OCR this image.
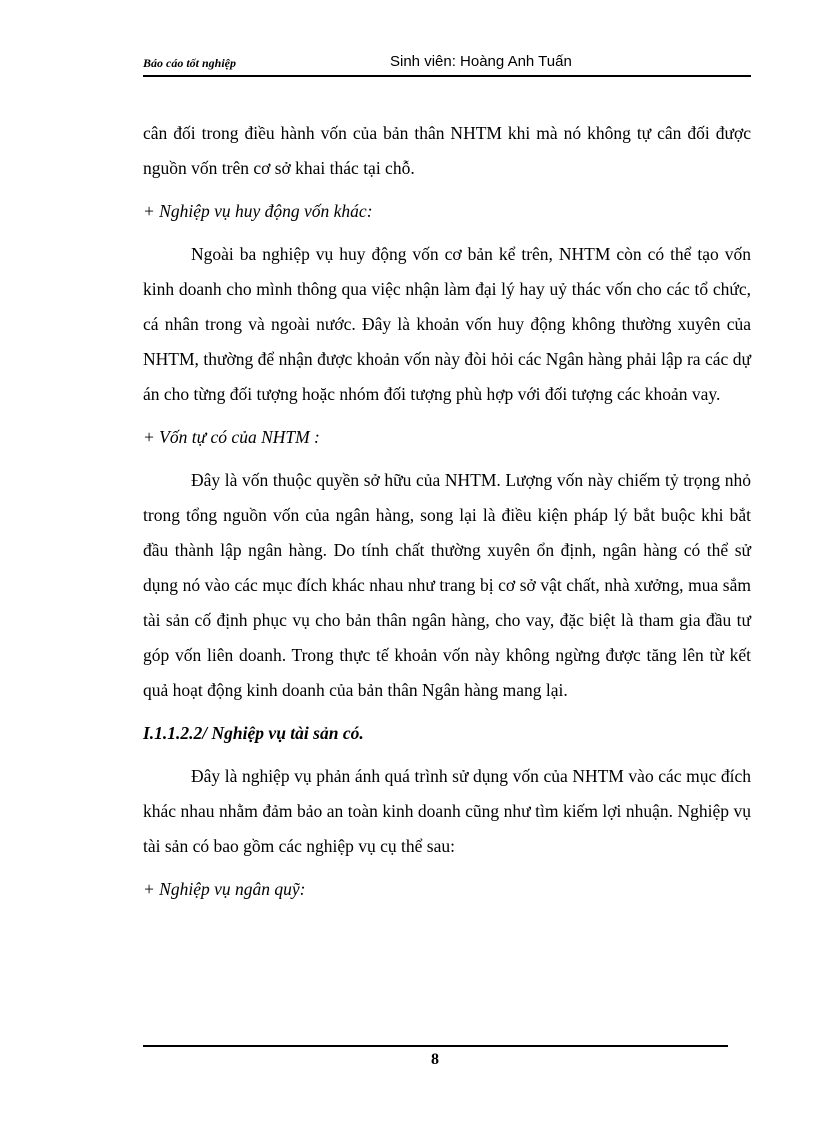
Báo cáo tốt nghiệp	Sinh viên: Hoàng Anh Tuấn

cân đối trong điều hành vốn của bản thân NHTM khi mà nó không tự cân đối được nguồn vốn trên cơ sở khai thác tại chỗ.

+ Nghiệp vụ huy động vốn khác:

Ngoài ba nghiệp vụ huy động vốn cơ bản kể trên, NHTM còn có thể tạo vốn kinh doanh cho mình thông qua việc nhận làm đại lý hay uỷ thác vốn cho các tổ chức, cá nhân trong và ngoài nước. Đây là khoản vốn huy động không thường xuyên của NHTM, thường để nhận được khoản vốn này đòi hỏi các Ngân hàng phải lập ra các dự án cho từng đối tượng hoặc nhóm đối tượng phù hợp với đối tượng các khoản vay.

+ Vốn tự có của NHTM :

Đây là vốn thuộc quyền sở hữu của NHTM. Lượng vốn này chiếm tỷ trọng nhỏ trong tổng nguồn vốn của ngân hàng, song lại là điều kiện pháp lý bắt buộc khi bắt đầu thành lập ngân hàng. Do tính chất thường xuyên ổn định, ngân hàng có thể sử dụng nó vào các mục đích khác nhau như trang bị cơ sở vật chất, nhà xưởng, mua sắm tài sản cố định phục vụ cho bản thân ngân hàng, cho vay, đặc biệt là tham gia đầu tư góp vốn liên doanh. Trong thực tế khoản vốn này không ngừng được tăng lên từ kết quả hoạt động kinh doanh của bản thân Ngân hàng mang lại.

I.1.1.2.2/ Nghiệp vụ tài sản có.

Đây là nghiệp vụ phản ánh quá trình sử dụng vốn của NHTM vào các mục đích khác nhau nhằm đảm bảo an toàn kinh doanh cũng như tìm kiếm lợi nhuận. Nghiệp vụ tài sản có bao gồm các nghiệp vụ cụ thể sau:

+ Nghiệp vụ ngân quỹ:

8
